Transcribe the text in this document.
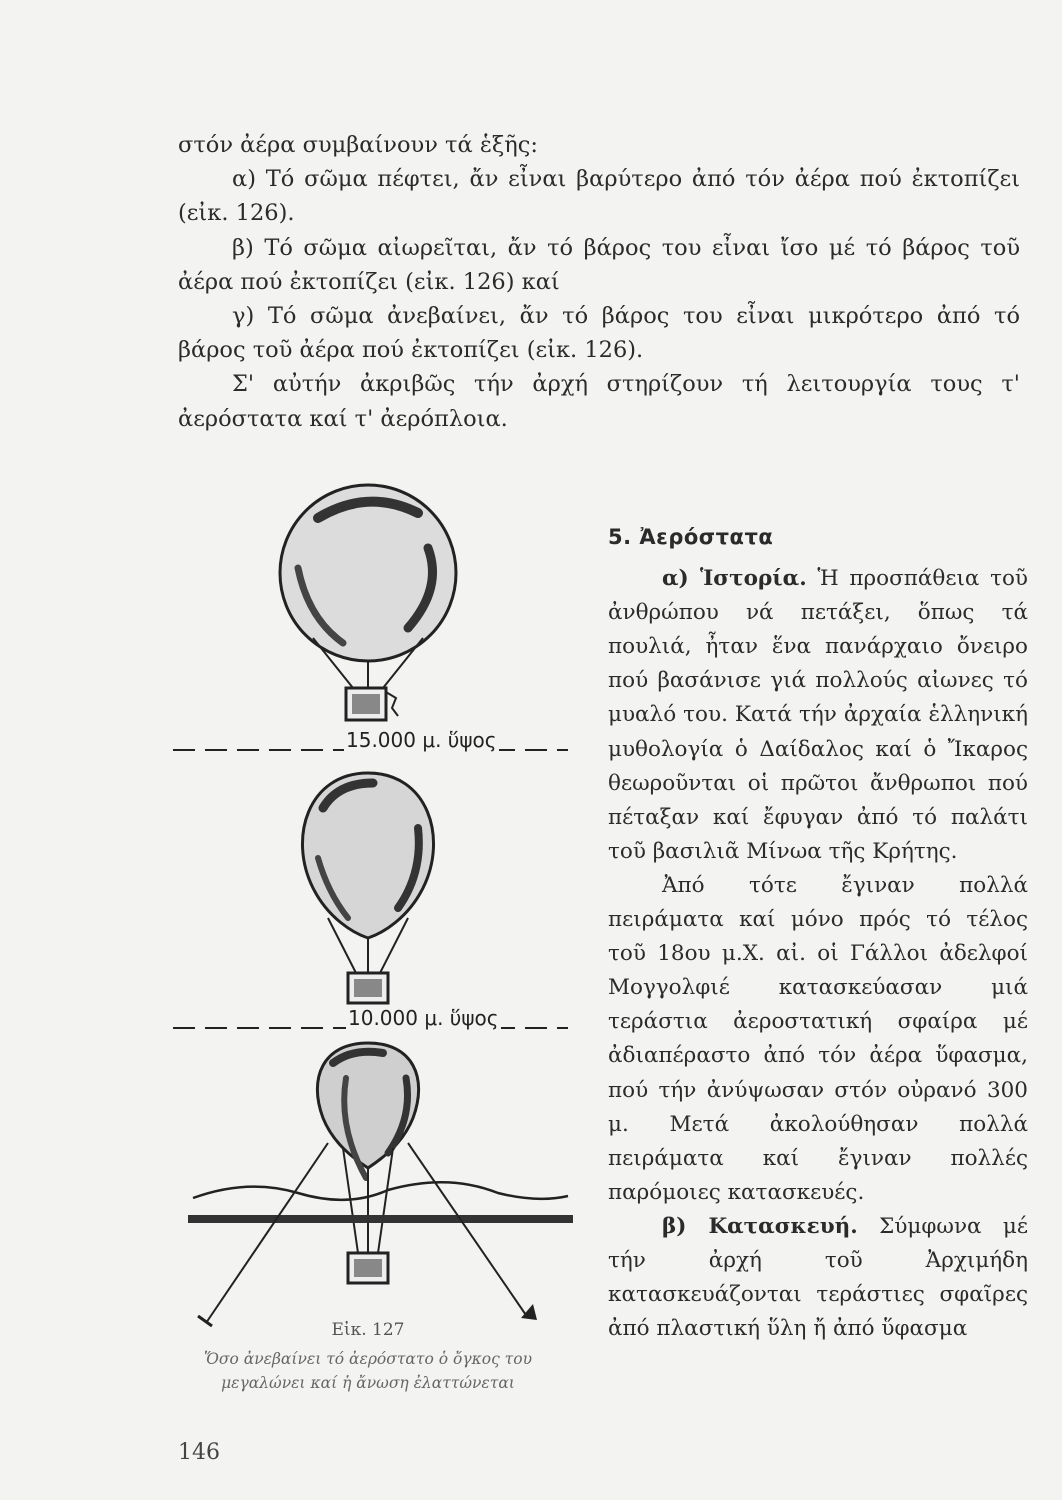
στόν ἀέρα συμβαίνουν τά ἑξῆς:

α) Τό σῶμα πέφτει, ἄν εἶναι βαρύτερο ἀπό τόν ἀέρα πού ἐκτοπίζει (εἰκ. 126).

β) Τό σῶμα αἰωρεῖται, ἄν τό βάρος του εἶναι ἴσο μέ τό βάρος τοῦ ἀέρα πού ἐκτοπίζει (εἰκ. 126) καί

γ) Τό σῶμα ἀνεβαίνει, ἄν τό βάρος του εἶναι μικρότερο ἀπό τό βάρος τοῦ ἀέρα πού ἐκτοπίζει (εἰκ. 126).

Σ' αὐτήν ἀκριβῶς τήν ἀρχή στηρίζουν τή λειτουργία τους τ' ἀερόστατα καί τ' ἀερόπλοια.

15.000 μ. ὕψος
10.000 μ. ὕψος
Εἰκ. 127
Ὅσο ἀνεβαίνει τό ἀερόστατο ὁ ὄγκος του μεγαλώνει καί ἡ ἄνωση ἐλαττώνεται
5. Ἀερόστατα

α) Ἱστορία. Ἡ προσπάθεια τοῦ ἀνθρώπου νά πετάξει, ὅπως τά πουλιά, ἦταν ἕνα πανάρχαιο ὄνειρο πού βασάνισε γιά πολλούς αἰωνες τό μυαλό του. Κατά τήν ἀρχαία ἑλληνική μυθολογία ὁ Δαίδαλος καί ὁ Ἴκαρος θεωροῦνται οἱ πρῶτοι ἄνθρωποι πού πέταξαν καί ἔφυγαν ἀπό τό παλάτι τοῦ βασιλιᾶ Μίνωα τῆς Κρήτης.

Ἀπό τότε ἔγιναν πολλά πειράματα καί μόνο πρός τό τέλος τοῦ 18ου μ.Χ. αἰ. οἱ Γάλλοι ἀδελφοί Μογγολφιέ κατασκεύασαν μιά τεράστια ἀεροστατική σφαίρα μέ ἀδιαπέραστο ἀπό τόν ἀέρα ὕφασμα, πού τήν ἀνύψωσαν στόν οὐρανό 300 μ. Μετά ἀκολούθησαν πολλά πειράματα καί ἔγιναν πολλές παρόμοιες κατασκευές.

β) Κατασκευή. Σύμφωνα μέ τήν ἀρχή τοῦ Ἀρχιμήδη κατασκευάζονται τεράστιες σφαῖρες ἀπό πλαστική ὕλη ἤ ἀπό ὕφασμα

146
